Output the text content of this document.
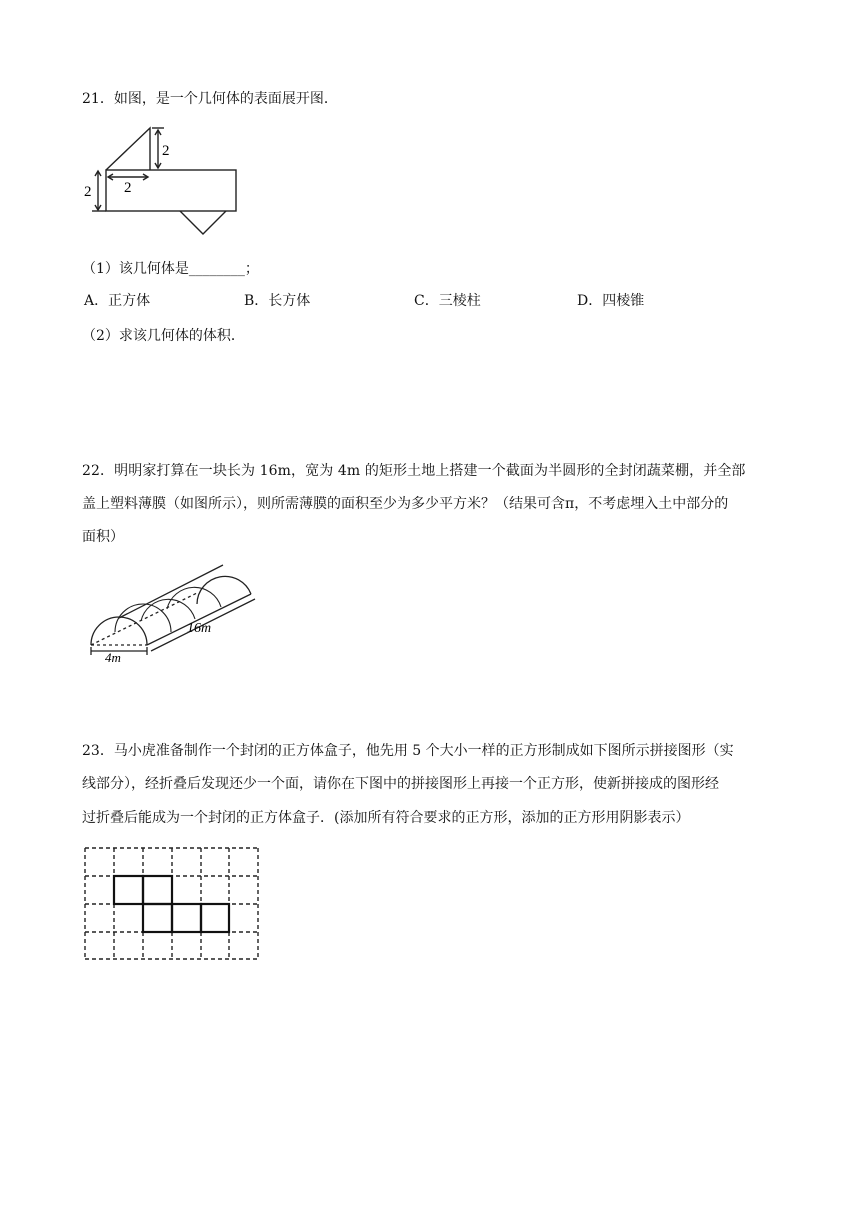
21．如图，是一个几何体的表面展开图．
2
2 2
（1）该几何体是________；
A．正方体	B．长方体	C．三棱柱	D．四棱锥
（2）求该几何体的体积．
22．明明家打算在一块长为 16m，宽为 4m 的矩形土地上搭建一个截面为半圆形的全封闭蔬菜棚，并全部
盖上塑料薄膜（如图所示），则所需薄膜的面积至少为多少平方米？（结果可含π，不考虑埋入土中部分的
面积）
16m
4m
23．马小虎准备制作一个封闭的正方体盒子，他先用 5 个大小一样的正方形制成如下图所示拼接图形（实
线部分），经折叠后发现还少一个面，请你在下图中的拼接图形上再接一个正方形，使新拼接成的图形经
过折叠后能成为一个封闭的正方体盒子．(添加所有符合要求的正方形，添加的正方形用阴影表示）
